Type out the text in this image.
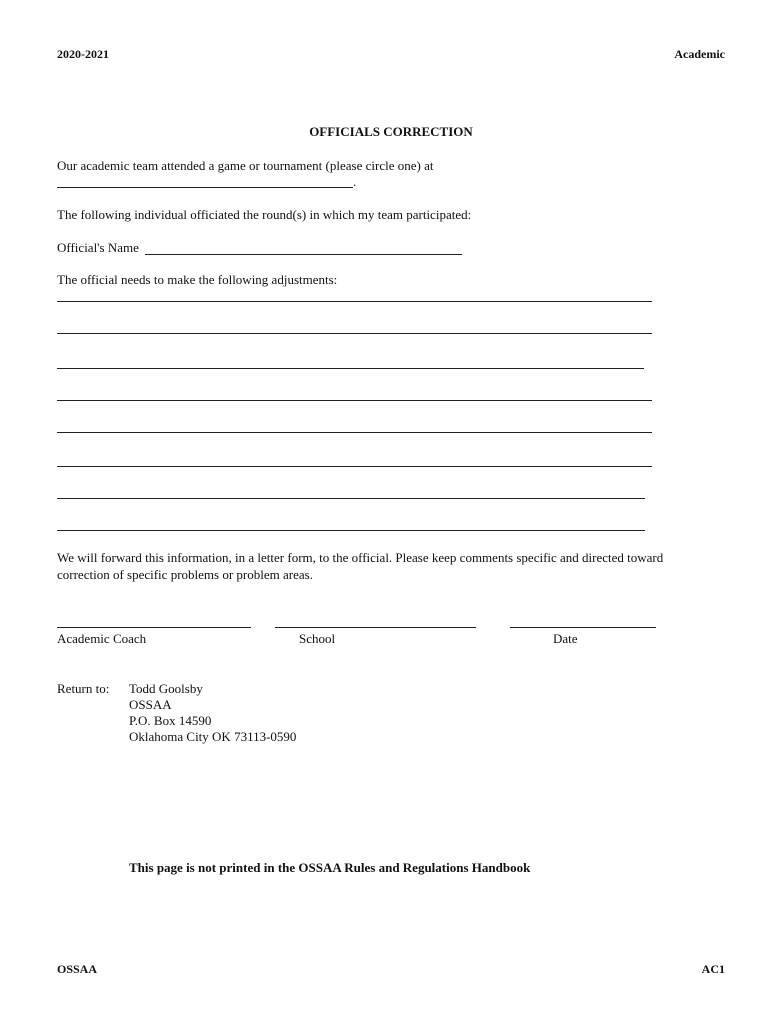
2020-2021	Academic
OFFICIALS CORRECTION
Our academic team attended a game or tournament (please circle one) at
.
The following individual officiated the round(s) in which my team participated:
Official's Name
The official needs to make the following adjustments:
We will forward this information, in a letter form, to the official. Please keep comments specific and directed toward
correction of specific problems or problem areas.
Academic Coach	School	Date
Return to: Todd Goolsby
OSSAA
P.O. Box 14590
Oklahoma City OK 73113-0590
This page is not printed in the OSSAA Rules and Regulations Handbook
OSSAA	AC1
